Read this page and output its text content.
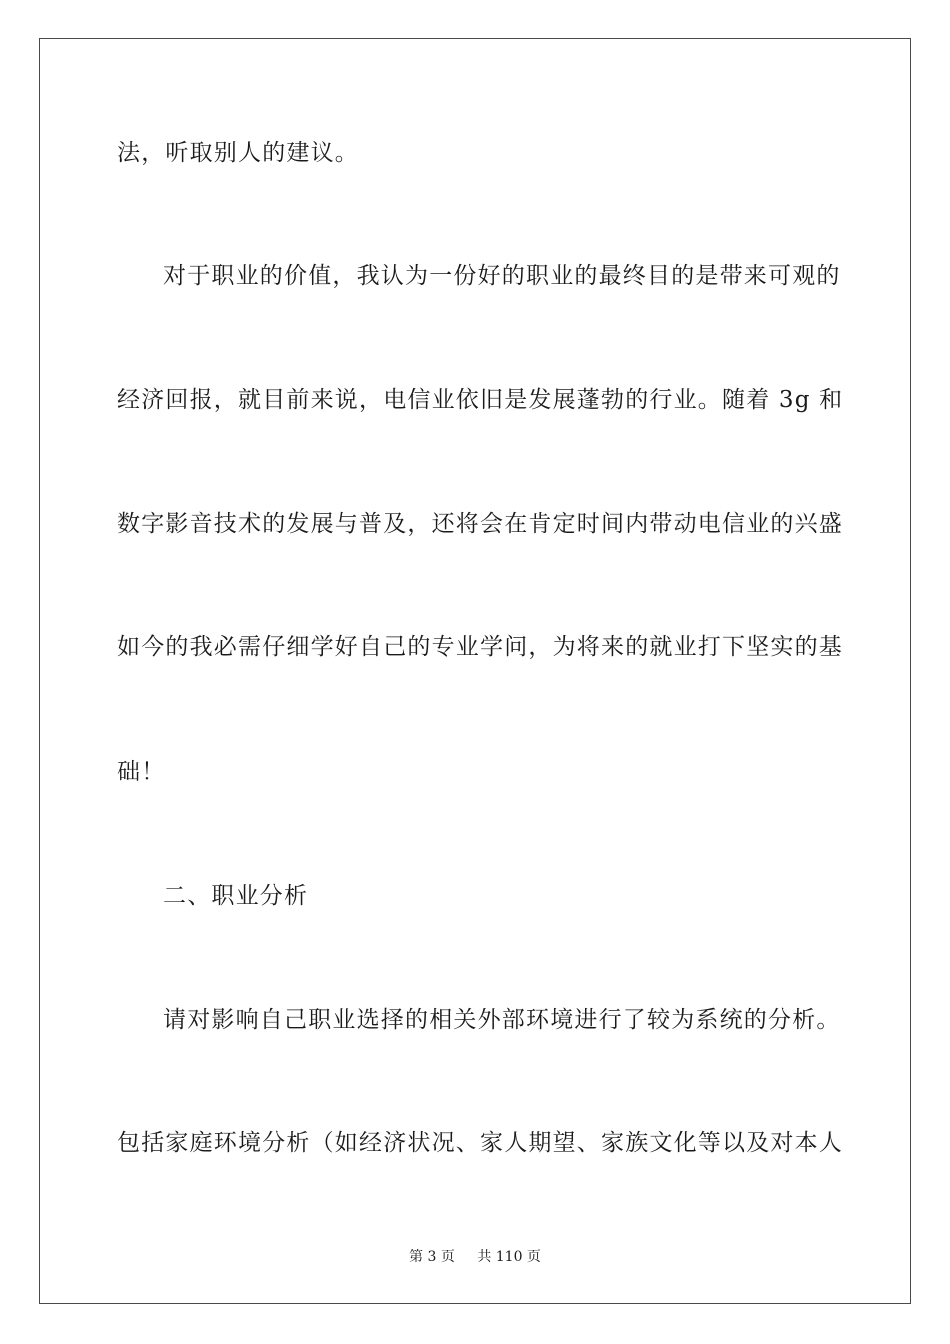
法，听取别人的建议。
对于职业的价值，我认为一份好的职业的最终目的是带来可观的
经济回报，就目前来说，电信业依旧是发展蓬勃的行业。随着 3g 和
数字影音技术的发展与普及，还将会在肯定时间内带动电信业的兴盛
如今的我必需仔细学好自己的专业学问，为将来的就业打下坚实的基
础！
二、职业分析
请对影响自己职业选择的相关外部环境进行了较为系统的分析。
包括家庭环境分析（如经济状况、家人期望、家族文化等以及对本人
第 3 页 共 110 页
